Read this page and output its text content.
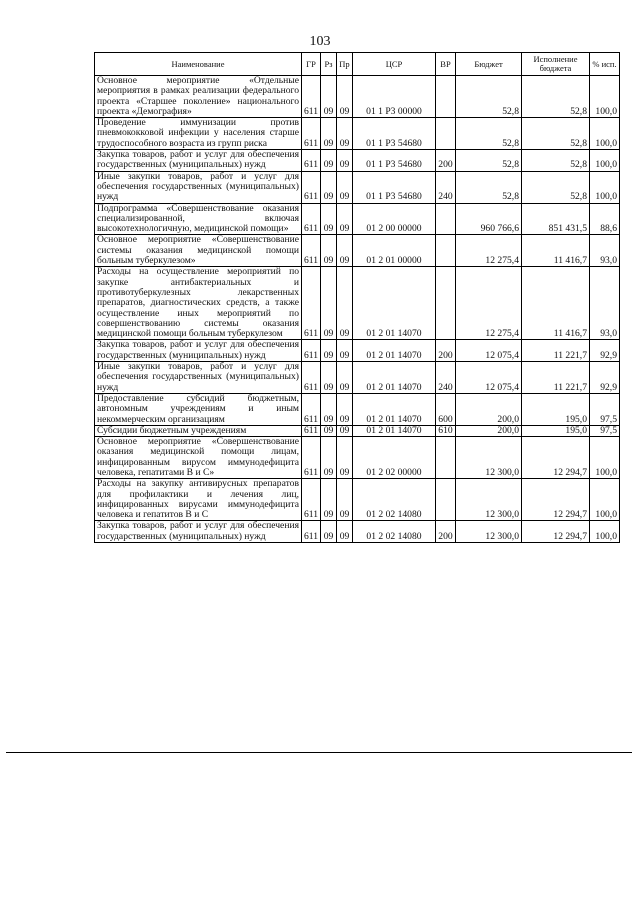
103
Наименование	ГР	Рз	Пр	ЦСР	ВР	Бюджет	Исполнение бюджета	% исп.
Основное мероприятие «Отдельные мероприятия в рамках реализации федерального проекта «Старшее поколение» национального проекта «Демография»	611	09	09	01 1 Р3 00000		52,8	52,8	100,0
Проведение иммунизации против пневмококковой инфекции у населения старше трудоспособного возраста из групп риска	611	09	09	01 1 Р3 54680		52,8	52,8	100,0
Закупка товаров, работ и услуг для обеспечения государственных (муниципальных) нужд	611	09	09	01 1 Р3 54680	200	52,8	52,8	100,0
Иные закупки товаров, работ и услуг для обеспечения государственных (муниципальных) нужд	611	09	09	01 1 Р3 54680	240	52,8	52,8	100,0
Подпрограмма «Совершенствование оказания специализированной, включая высокотехнологичную, медицинской помощи»	611	09	09	01 2 00 00000		960 766,6	851 431,5	88,6
Основное мероприятие «Совершенствование системы оказания медицинской помощи больным туберкулезом»	611	09	09	01 2 01 00000		12 275,4	11 416,7	93,0
Расходы на осуществление мероприятий по закупке антибактериальных и противотуберкулезных лекарственных препаратов, диагностических средств, а также осуществление иных мероприятий по совершенствованию системы оказания медицинской помощи больным туберкулезом	611	09	09	01 2 01 14070		12 275,4	11 416,7	93,0
Закупка товаров, работ и услуг для обеспечения государственных (муниципальных) нужд	611	09	09	01 2 01 14070	200	12 075,4	11 221,7	92,9
Иные закупки товаров, работ и услуг для обеспечения государственных (муниципальных) нужд	611	09	09	01 2 01 14070	240	12 075,4	11 221,7	92,9
Предоставление субсидий бюджетным, автономным учреждениям и иным некоммерческим организациям	611	09	09	01 2 01 14070	600	200,0	195,0	97,5
Субсидии бюджетным учреждениям	611	09	09	01 2 01 14070	610	200,0	195,0	97,5
Основное мероприятие «Совершенствование оказания медицинской помощи лицам, инфицированным вирусом иммунодефицита человека, гепатитами В и С»	611	09	09	01 2 02 00000		12 300,0	12 294,7	100,0
Расходы на закупку антивирусных препаратов для профилактики и лечения лиц, инфицированных вирусами иммунодефицита человека и гепатитов В и С	611	09	09	01 2 02 14080		12 300,0	12 294,7	100,0
Закупка товаров, работ и услуг для обеспечения государственных (муниципальных) нужд	611	09	09	01 2 02 14080	200	12 300,0	12 294,7	100,0
